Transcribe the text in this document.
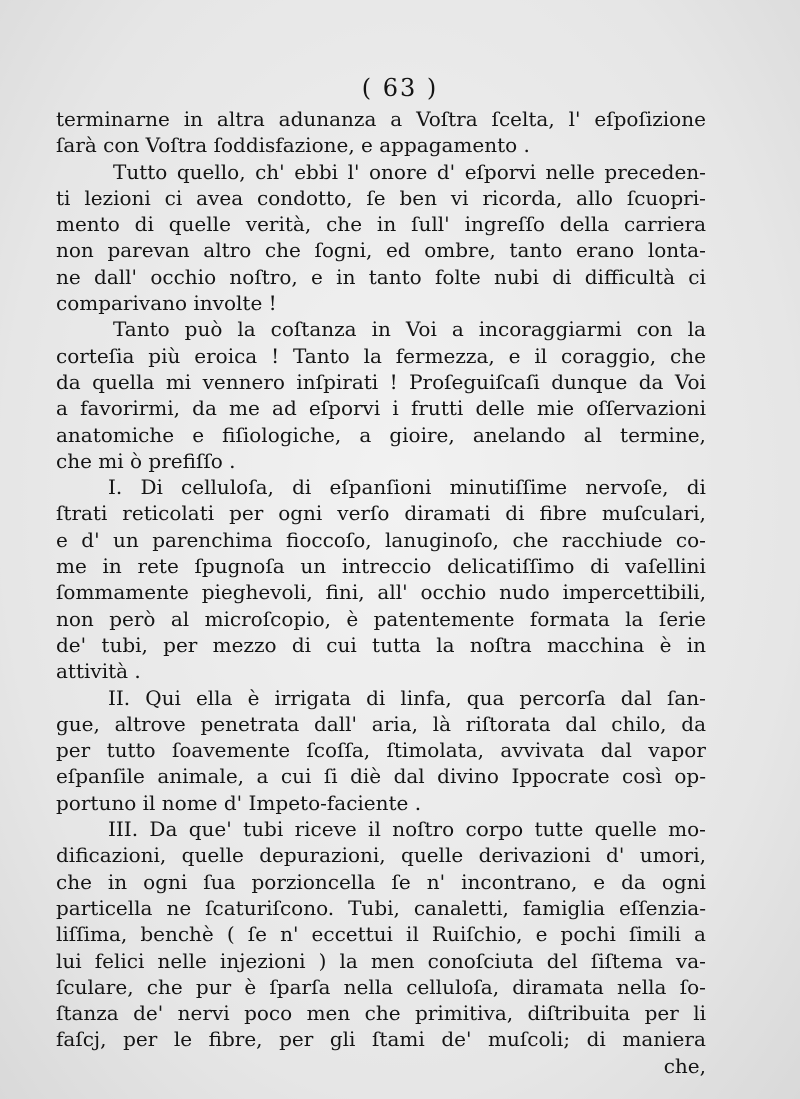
( 63 )
terminarne in altra adunanza a Voſtra ſcelta, l' eſpoſizione
ſarà con Voſtra ſoddisfazione, e appagamento .
Tutto quello, ch' ebbi l' onore d' eſporvi nelle preceden-
ti lezioni ci avea condotto, ſe ben vi ricorda, allo ſcuopri-
mento di quelle verità, che in ſull' ingreſſo della carriera
non parevan altro che ſogni, ed ombre, tanto erano lonta-
ne dall' occhio noſtro, e in tanto folte nubi di difficultà ci
comparivano involte !
Tanto può la coſtanza in Voi a incoraggiarmi con la
corteſia più eroica ! Tanto la fermezza, e il coraggio, che
da quella mi vennero inſpirati ! Proſeguiſcaſi dunque da Voi
a favorirmi, da me ad eſporvi i frutti delle mie oſſervazioni
anatomiche e fiſiologiche, a gioire, anelando al termine,
che mi ò prefiſſo .
I. Di celluloſa, di eſpanſioni minutiſſime nervoſe, di
ſtrati reticolati per ogni verſo diramati di fibre muſculari,
e d' un parenchima fioccoſo, lanuginoſo, che racchiude co-
me in rete ſpugnoſa un intreccio delicatiſſimo di vaſellini
ſommamente pieghevoli, fini, all' occhio nudo impercettibili,
non però al microſcopio, è patentemente formata la ſerie
de' tubi, per mezzo di cui tutta la noſtra macchina è in
attività .
II. Qui ella è irrigata di linfa, qua percorſa dal ſan-
gue, altrove penetrata dall' aria, là riſtorata dal chilo, da
per tutto ſoavemente ſcoſſa, ſtimolata, avvivata dal vapor
eſpanſile animale, a cui ſi diè dal divino Ippocrate così op-
portuno il nome d' Impeto-faciente .
III. Da que' tubi riceve il noſtro corpo tutte quelle mo-
dificazioni, quelle depurazioni, quelle derivazioni d' umori,
che in ogni ſua porzioncella ſe n' incontrano, e da ogni
particella ne ſcaturiſcono. Tubi, canaletti, famiglia eſſenzia-
liſſima, benchè ( ſe n' eccettui il Ruiſchio, e pochi ſimili a
lui felici nelle injezioni ) la men conoſciuta del ſiſtema va-
ſculare, che pur è ſparſa nella celluloſa, diramata nella ſo-
ſtanza de' nervi poco men che primitiva, diſtribuita per li
faſcj, per le fibre, per gli ſtami de' muſcoli; di maniera
che,
